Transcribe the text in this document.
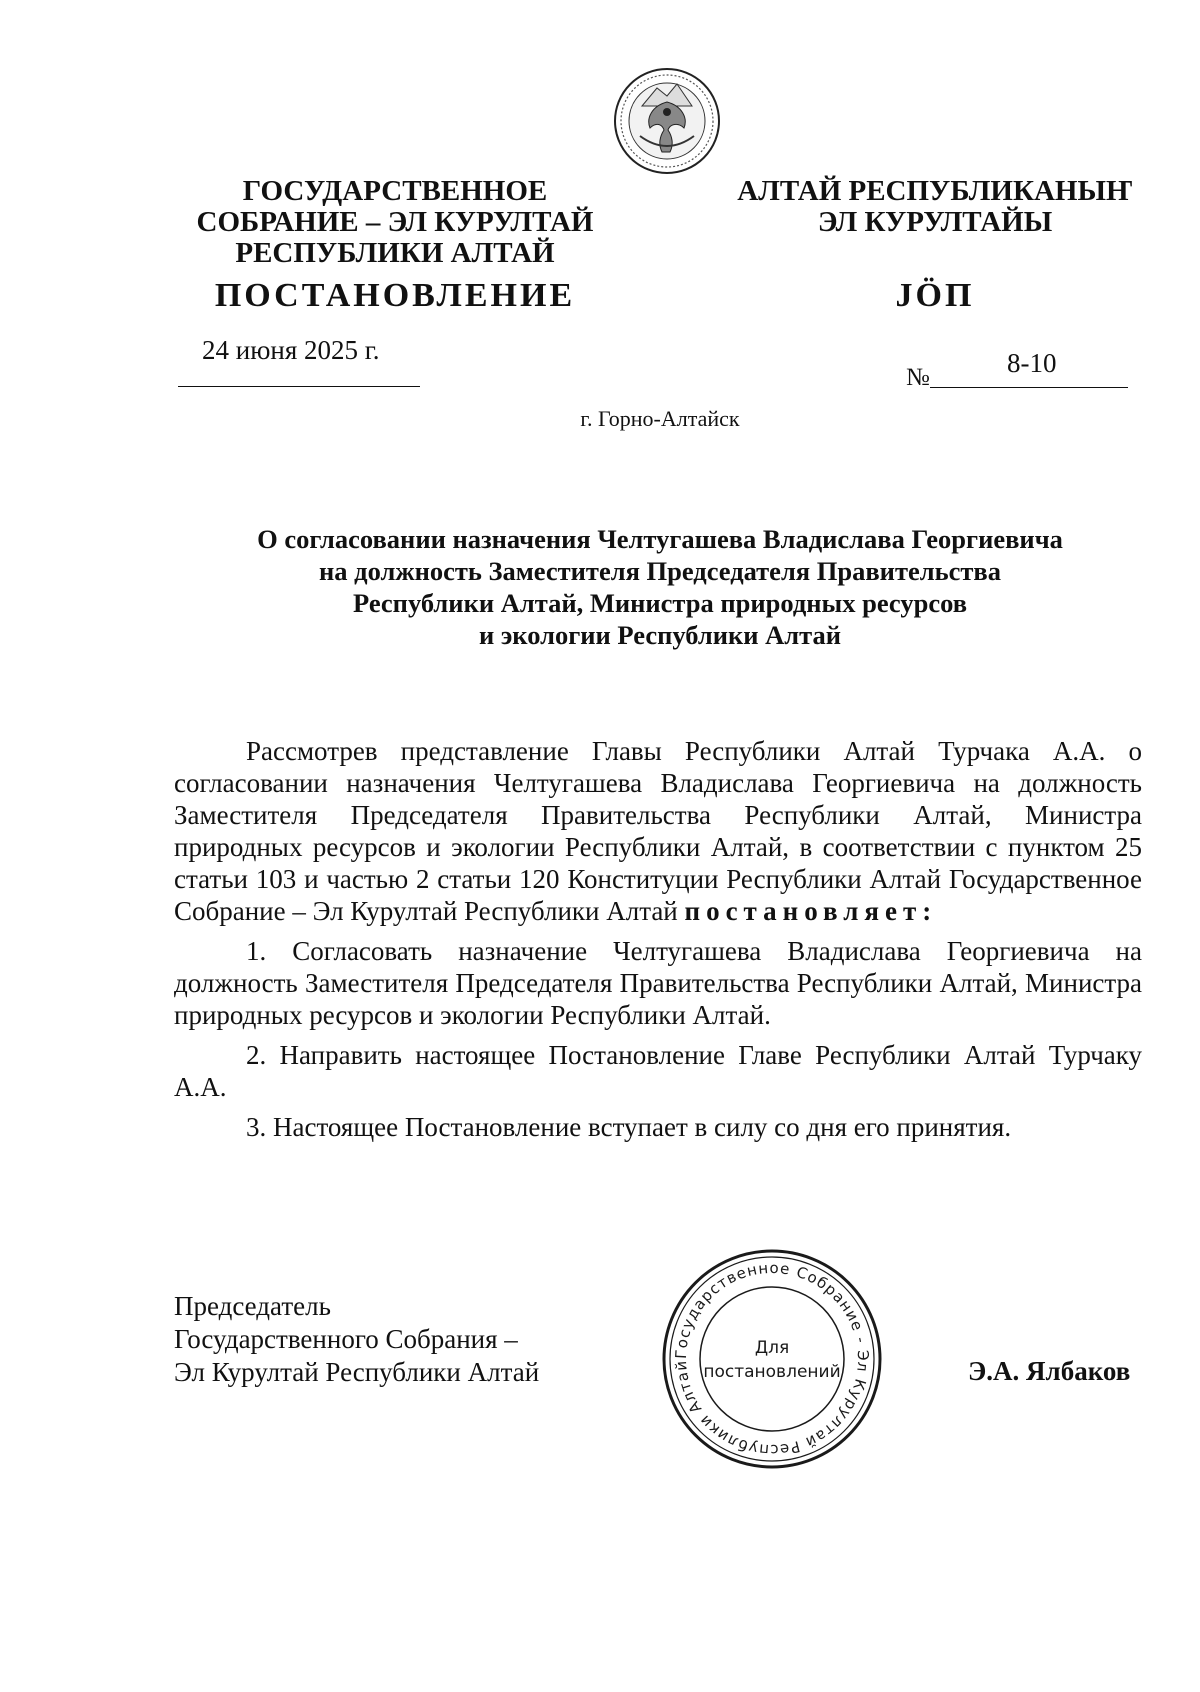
ГОСУДАРСТВЕННОЕ
СОБРАНИЕ – ЭЛ КУРУЛТАЙ
РЕСПУБЛИКИ АЛТАЙ
АЛТАЙ РЕСПУБЛИКАНЫҤ
ЭЛ КУРУЛТАЙЫ
ПОСТАНОВЛЕНИЕ	JÖП
24 июня 2025 г.
№	8-10
г. Горно-Алтайск
О согласовании назначения Челтугашева Владислава Георгиевича
на должность Заместителя Председателя Правительства
Республики Алтай, Министра природных ресурсов
и экологии Республики Алтай

Рассмотрев представление Главы Республики Алтай Турчака А.А. о согласовании назначения Челтугашева Владислава Георгиевича на должность Заместителя Председателя Правительства Республики Алтай, Министра природных ресурсов и экологии Республики Алтай, в соответствии с пунктом 25 статьи 103 и частью 2 статьи 120 Конституции Республики Алтай Государственное Собрание – Эл Курултай Республики Алтай постановляет:

1. Согласовать назначение Челтугашева Владислава Георгиевича на должность Заместителя Председателя Правительства Республики Алтай, Министра природных ресурсов и экологии Республики Алтай.

2. Направить настоящее Постановление Главе Республики Алтай Турчаку А.А.

3. Настоящее Постановление вступает в силу со дня его принятия.

Председатель
Государственного Собрания –
Эл Курултай Республики Алтай
Государственное Собрание - Эл Курултай Республики Алтай
Для
постановлений	Э.А. Ялбаков
